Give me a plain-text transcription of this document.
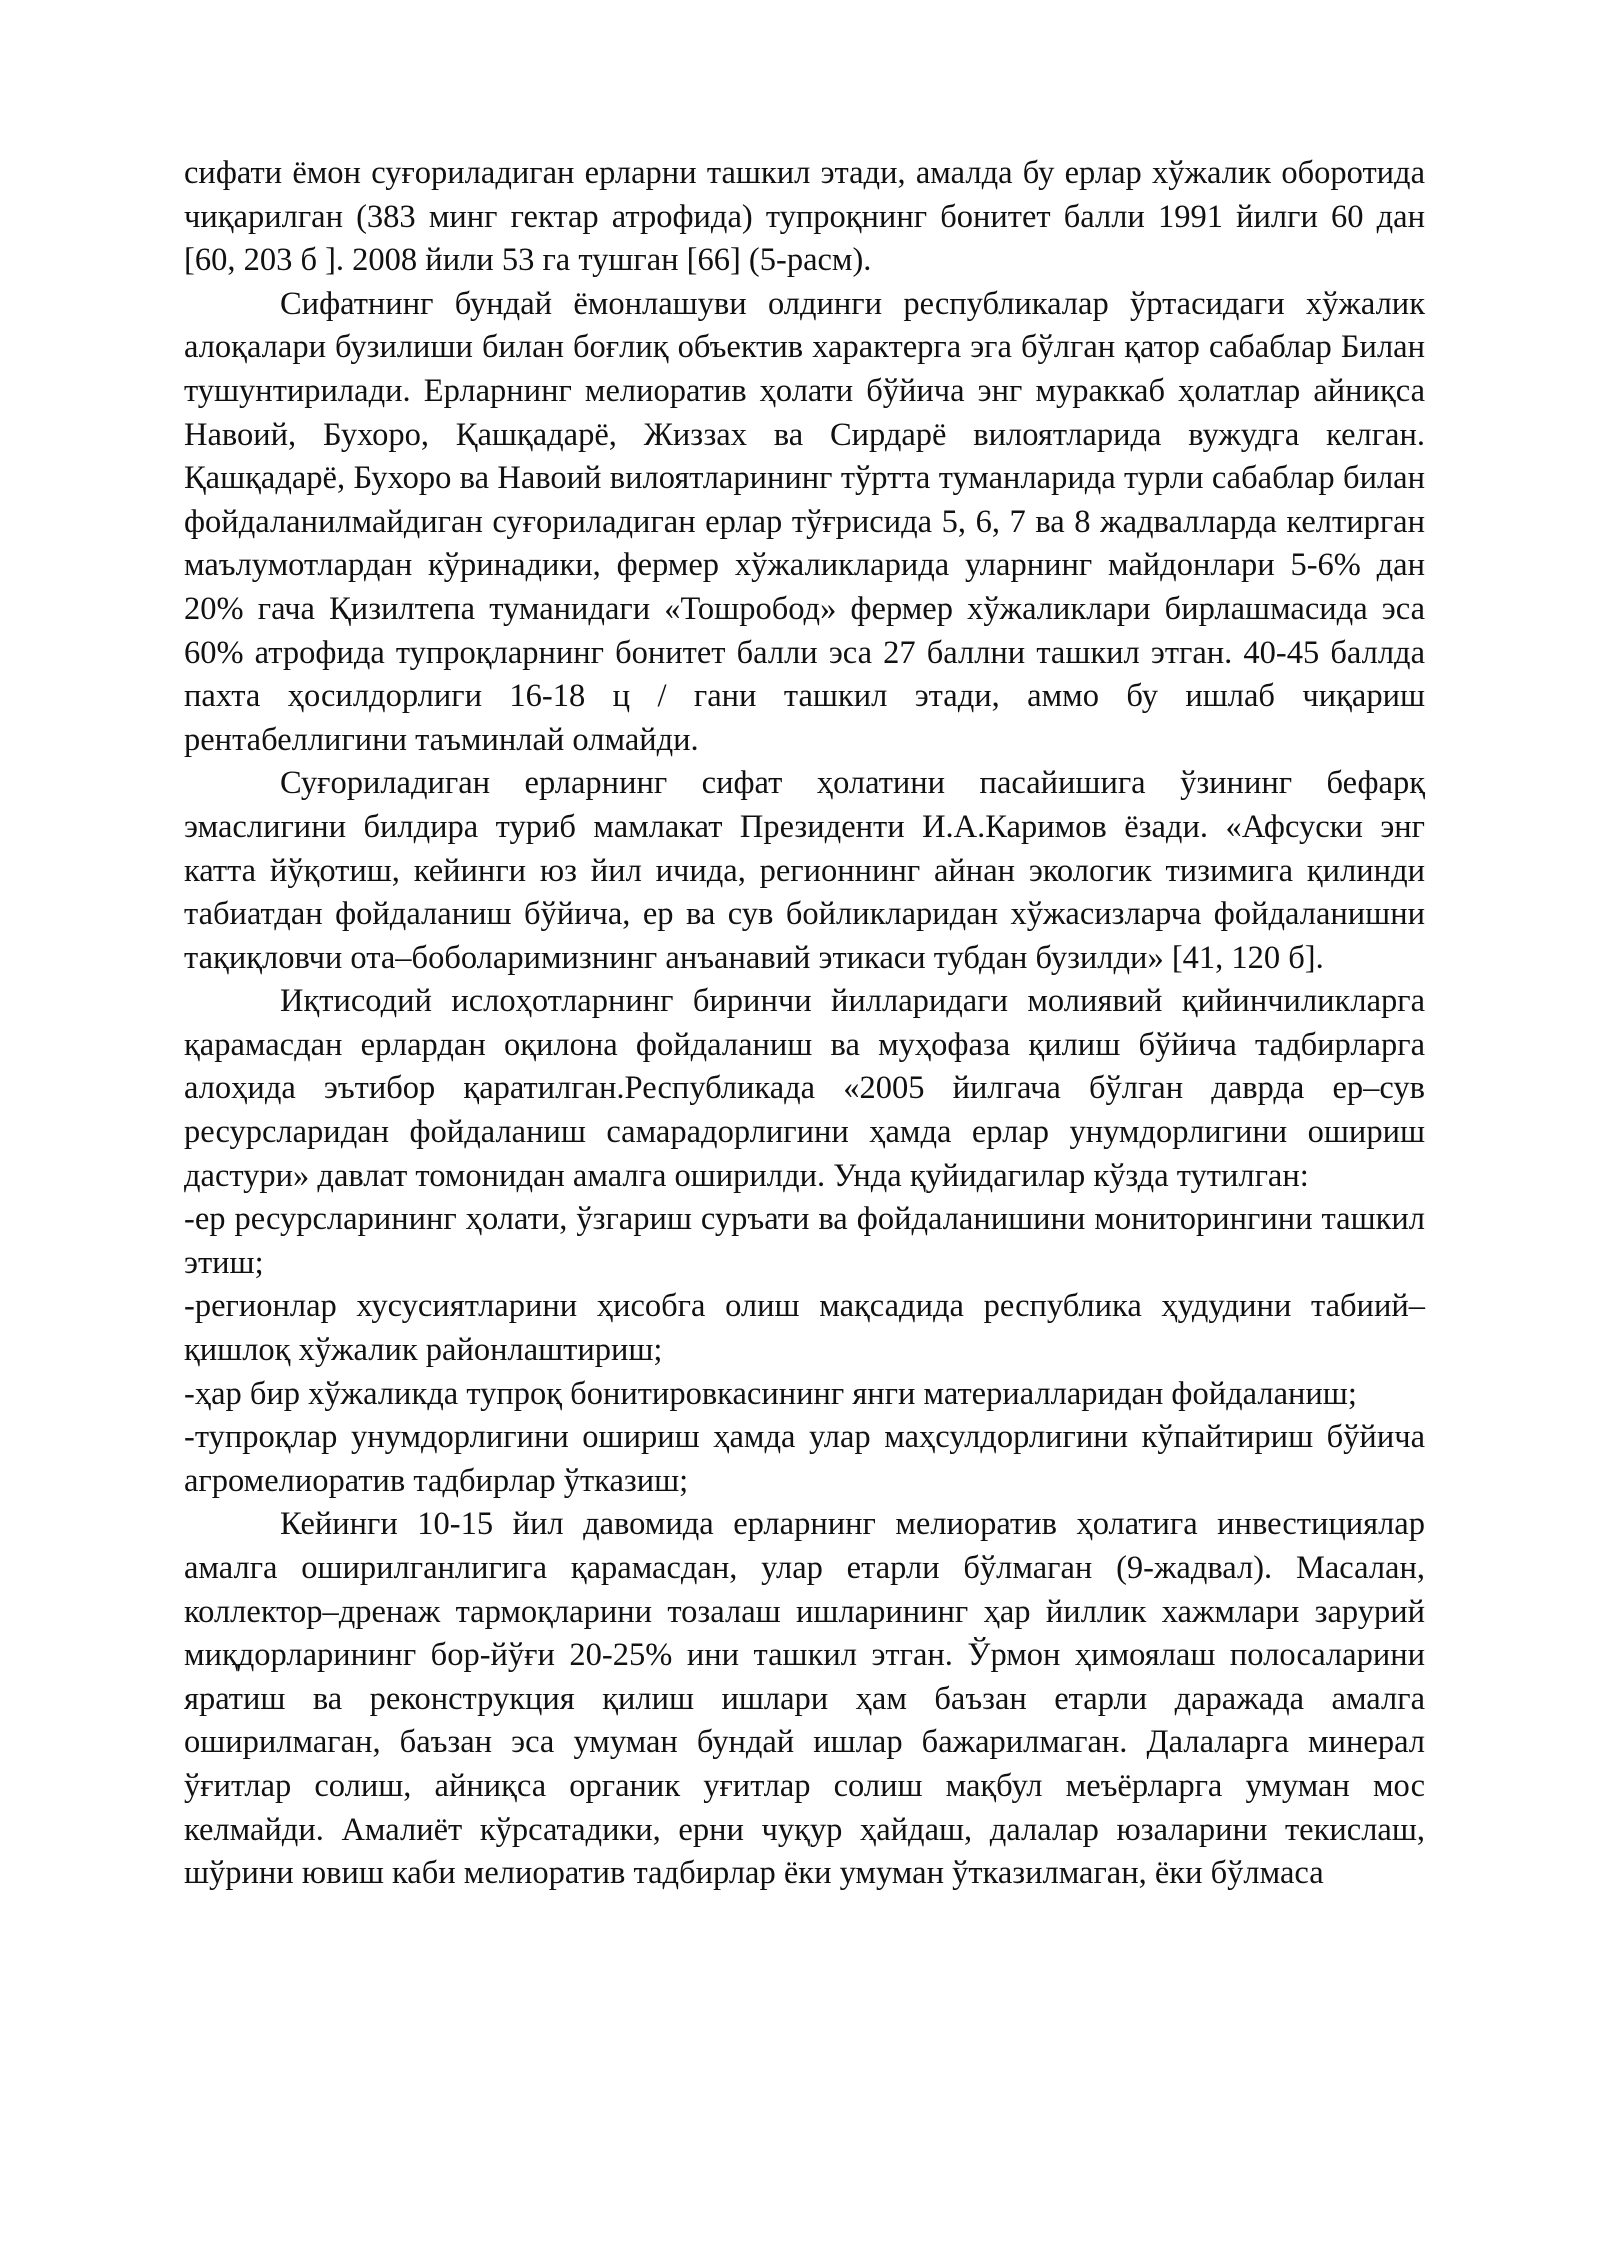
сифати ёмон суғориладиган ерларни ташкил этади, амалда бу ерлар хўжалик оборотида чиқарилган (383 минг гектар атрофида) тупроқнинг бонитет балли 1991 йилги 60 дан [60, 203 б ]. 2008 йили 53 га тушган [66] (5-расм).

Сифатнинг бундай ёмонлашуви олдинги республикалар ўртасидаги хўжалик алоқалари бузилиши билан боғлиқ объектив характерга эга бўлган қатор сабаблар Билан тушунтирилади. Ерларнинг мелиоратив ҳолати бўйича энг мураккаб ҳолатлар айниқса Навоий, Бухоро, Қашқадарё, Жиззах ва Сирдарё вилоятларида вужудга келган. Қашқадарё, Бухоро ва Навоий вилоятларининг тўртта туманларида турли сабаблар билан фойдаланилмайдиган суғориладиган ерлар тўғрисида 5, 6, 7 ва 8 жадвалларда келтирган маълумотлардан кўринадики, фермер хўжаликларида уларнинг майдонлари 5-6% дан 20% гача Қизилтепа туманидаги «Тошробод» фермер хўжаликлари бирлашмасида эса 60% атрофида тупроқларнинг бонитет балли эса 27 баллни ташкил этган. 40-45 баллда пахта ҳосилдорлиги 16-18 ц / гани ташкил этади, аммо бу ишлаб чиқариш рентабеллигини таъминлай олмайди.

Суғориладиган ерларнинг сифат ҳолатини пасайишига ўзининг бефарқ эмаслигини билдира туриб мамлакат Президенти И.А.Каримов ёзади. «Афсуски энг катта йўқотиш, кейинги юз йил ичида, регионнинг айнан экологик тизимига қилинди табиатдан фойдаланиш бўйича, ер ва сув бойликларидан хўжасизларча фойдаланишни тақиқловчи ота–боболаримизнинг анъанавий этикаси тубдан бузилди» [41, 120 б].

Иқтисодий ислоҳотларнинг биринчи йилларидаги молиявий қийинчиликларга қарамасдан ерлардан оқилона фойдаланиш ва муҳофаза қилиш бўйича тадбирларга алоҳида эътибор қаратилган.Республикада «2005 йилгача бўлган даврда ер–сув ресурсларидан фойдаланиш самарадорлигини ҳамда ерлар унумдорлигини ошириш дастури» давлат томонидан амалга оширилди. Унда қуйидагилар кўзда тутилган:

-ер ресурсларининг ҳолати, ўзгариш суръати ва фойдаланишини мониторингини ташкил этиш;

-регионлар хусусиятларини ҳисобга олиш мақсадида республика ҳудудини табиий–қишлоқ хўжалик районлаштириш;

-ҳар бир хўжаликда тупроқ бонитировкасининг янги материалларидан фойдаланиш;

-тупроқлар унумдорлигини ошириш ҳамда улар маҳсулдорлигини кўпайтириш бўйича агромелиоратив тадбирлар ўтказиш;

Кейинги 10-15 йил давомида ерларнинг мелиоратив ҳолатига инвестициялар амалга оширилганлигига қарамасдан, улар етарли бўлмаган (9-жадвал). Масалан, коллектор–дренаж тармоқларини тозалаш ишларининг ҳар йиллик хажмлари зарурий миқдорларининг бор-йўғи 20-25% ини ташкил этган. Ўрмон ҳимоялаш полосаларини яратиш ва реконструкция қилиш ишлари ҳам баъзан етарли даражада амалга оширилмаган, баъзан эса умуман бундай ишлар бажарилмаган. Далаларга минерал ўғитлар солиш, айниқса органик уғитлар солиш мақбул меъёрларга умуман мос келмайди. Амалиёт кўрсатадики, ерни чуқур ҳайдаш, далалар юзаларини текислаш, шўрини ювиш каби мелиоратив тадбирлар ёки умуман ўтказилмаган, ёки бўлмаса
